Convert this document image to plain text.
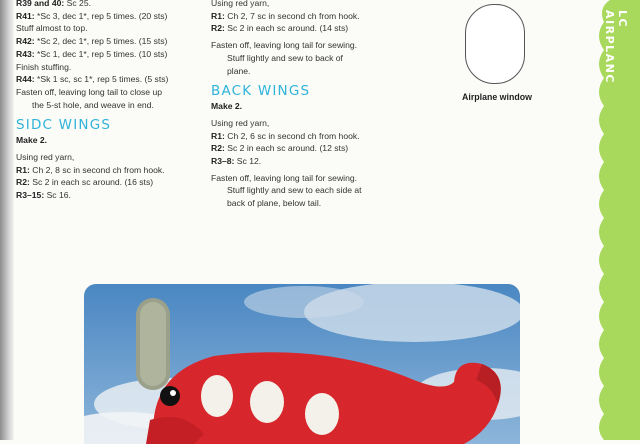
R39 and 40: Sc 25.
R41: *Sc 3, dec 1*, rep 5 times. (20 sts)
Stuff almost to top.
R42: *Sc 2, dec 1*, rep 5 times. (15 sts)
R43: *Sc 1, dec 1*, rep 5 times. (10 sts)
Finish stuffing.
R44: *Sk 1 sc, sc 1*, rep 5 times. (5 sts)
Fasten off, leaving long tail to close up
the 5-st hole, and weave in end.
SIDC WINGS
Make 2.
Using red yarn,
R1: Ch 2, 8 sc in second ch from hook.
R2: Sc 2 in each sc around. (16 sts)
R3–15: Sc 16.
Using red yarn,
R1: Ch 2, 7 sc in second ch from hook.
R2: Sc 2 in each sc around. (14 sts)
Fasten off, leaving long tail for sewing.
Stuff lightly and sew to back of
plane.
BACK WINGS
Make 2.
Using red yarn,
R1: Ch 2, 6 sc in second ch from hook.
R2: Sc 2 in each sc around. (12 sts)
R3–8: Sc 12.
Fasten off, leaving long tail for sewing.
Stuff lightly and sew to each side at
back of plane, below tail.
Airplane window
LC AIRPLANC
